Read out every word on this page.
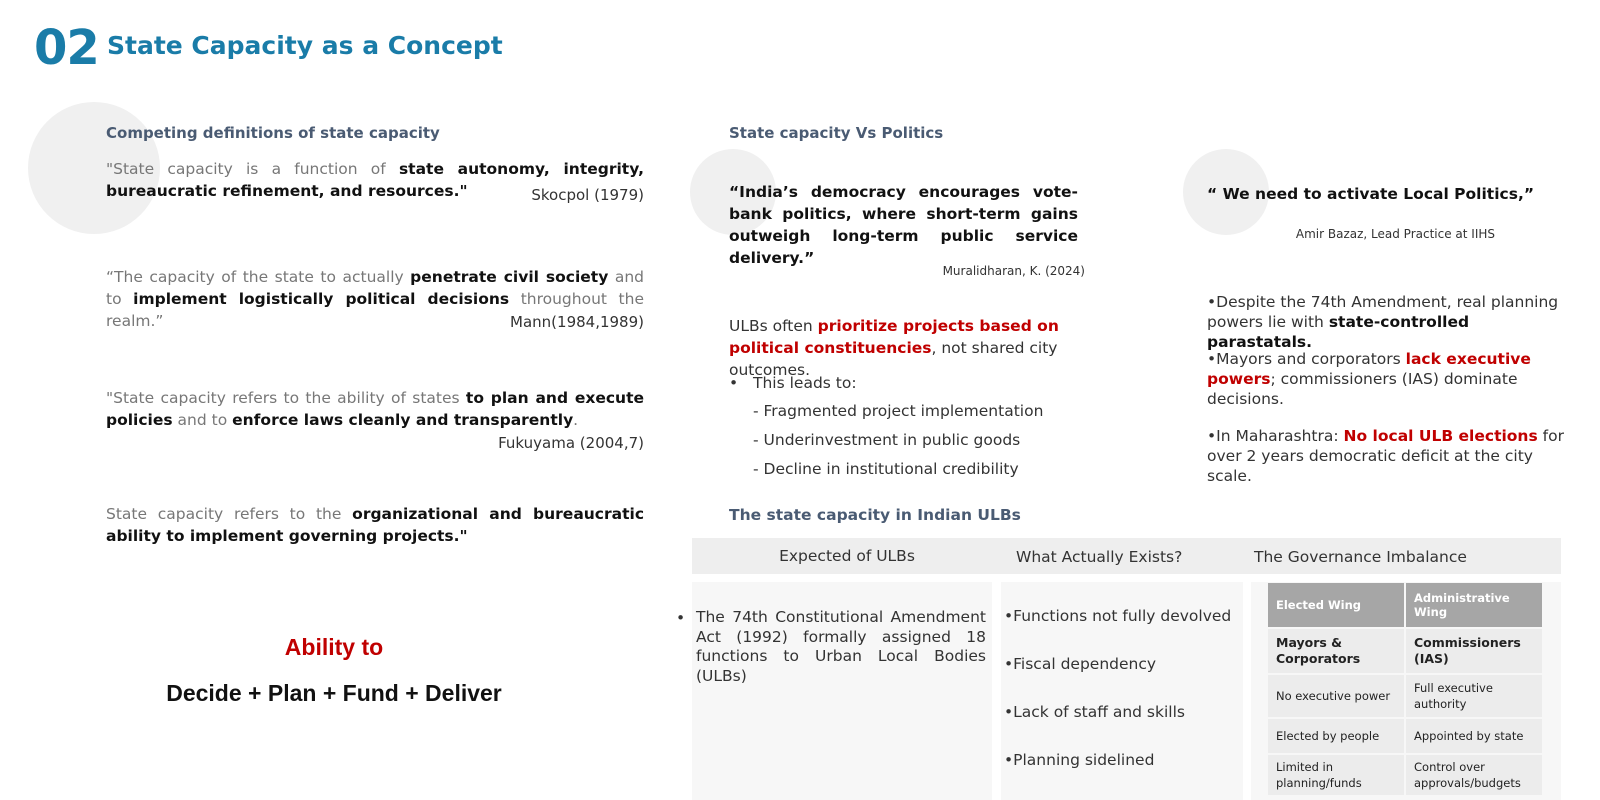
02 State Capacity as a Concept
Competing definitions of state capacity
"State capacity is a function of state autonomy, integrity, bureaucratic refinement, and resources."	Skocpol (1979)
“The capacity of the state to actually penetrate civil society and to implement logistically political decisions throughout the realm.”	Mann(1984,1989)
"State capacity refers to the ability of states to plan and execute policies and to enforce laws cleanly and transparently.
Fukuyama (2004,7)
State capacity refers to the organizational and bureaucratic ability to implement governing projects."
Ability to
Decide + Plan + Fund + Deliver
State capacity Vs Politics
“India’s democracy encourages vote-bank politics, where short-term gains outweigh long-term public service delivery.”
Muralidharan, K. (2024)
ULBs often prioritize projects based on political constituencies, not shared city outcomes.
• This leads to:
- Fragmented project implementation
- Underinvestment in public goods
- Decline in institutional credibility
“ We need to activate Local Politics,”
Amir Bazaz, Lead Practice at IIHS
•Despite the 74th Amendment, real planning powers lie with state-controlled parastatals.
•Mayors and corporators lack executive powers; commissioners (IAS) dominate decisions.
•In Maharashtra: No local ULB elections for over 2 years democratic deficit at the city scale.
The state capacity in Indian ULBs
Expected of ULBs	What Actually Exists?	The Governance Imbalance
• The 74th Constitutional Amendment Act (1992) formally assigned 18 functions to Urban Local Bodies (ULBs)
•Functions not fully devolved
•Fiscal dependency
•Lack of staff and skills
•Planning sidelined
Elected Wing	Administrative Wing
Mayors & Corporators	Commissioners (IAS)
No executive power	Full executive authority
Elected by people	Appointed by state
Limited in planning/funds	Control over approvals/budgets
